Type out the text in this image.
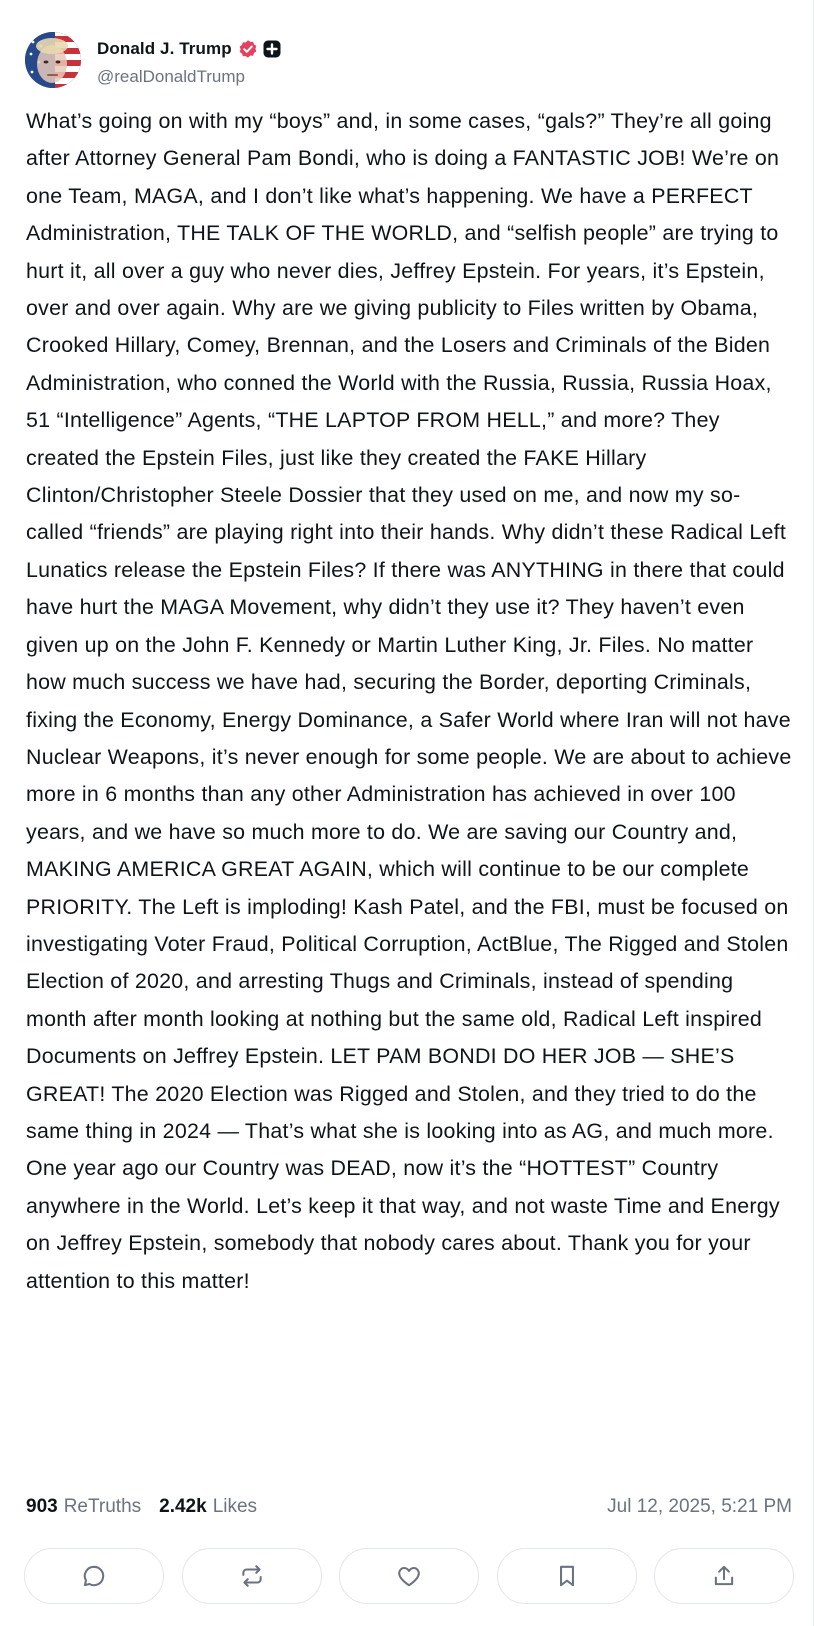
Donald J. Trump
@realDonaldTrump

What’s going on with my “boys” and, in some cases, “gals?” They’re all going after Attorney General Pam Bondi, who is doing a FANTASTIC JOB! We’re on one Team, MAGA, and I don’t like what’s happening. We have a PERFECT Administration, THE TALK OF THE WORLD, and “selfish people” are trying to hurt it, all over a guy who never dies, Jeffrey Epstein. For years, it’s Epstein, over and over again. Why are we giving publicity to Files written by Obama, Crooked Hillary, Comey, Brennan, and the Losers and Criminals of the Biden Administration, who conned the World with the Russia, Russia, Russia Hoax, 51 “Intelligence” Agents, “THE LAPTOP FROM HELL,” and more? They created the Epstein Files, just like they created the FAKE Hillary Clinton/Christopher Steele Dossier that they used on me, and now my so-called “friends” are playing right into their hands. Why didn’t these Radical Left Lunatics release the Epstein Files? If there was ANYTHING in there that could have hurt the MAGA Movement, why didn’t they use it? They haven’t even given up on the John F. Kennedy or Martin Luther King, Jr. Files. No matter how much success we have had, securing the Border, deporting Criminals, fixing the Economy, Energy Dominance, a Safer World where Iran will not have Nuclear Weapons, it’s never enough for some people. We are about to achieve more in 6 months than any other Administration has achieved in over 100 years, and we have so much more to do. We are saving our Country and, MAKING AMERICA GREAT AGAIN, which will continue to be our complete PRIORITY. The Left is imploding! Kash Patel, and the FBI, must be focused on investigating Voter Fraud, Political Corruption, ActBlue, The Rigged and Stolen Election of 2020, and arresting Thugs and Criminals, instead of spending month after month looking at nothing but the same old, Radical Left inspired Documents on Jeffrey Epstein. LET PAM BONDI DO HER JOB — SHE’S GREAT! The 2020 Election was Rigged and Stolen, and they tried to do the same thing in 2024 — That’s what she is looking into as AG, and much more. One year ago our Country was DEAD, now it’s the “HOTTEST” Country anywhere in the World. Let’s keep it that way, and not waste Time and Energy on Jeffrey Epstein, somebody that nobody cares about. Thank you for your attention to this matter!

903 ReTruths 2.42k Likes	Jul 12, 2025, 5:21 PM
